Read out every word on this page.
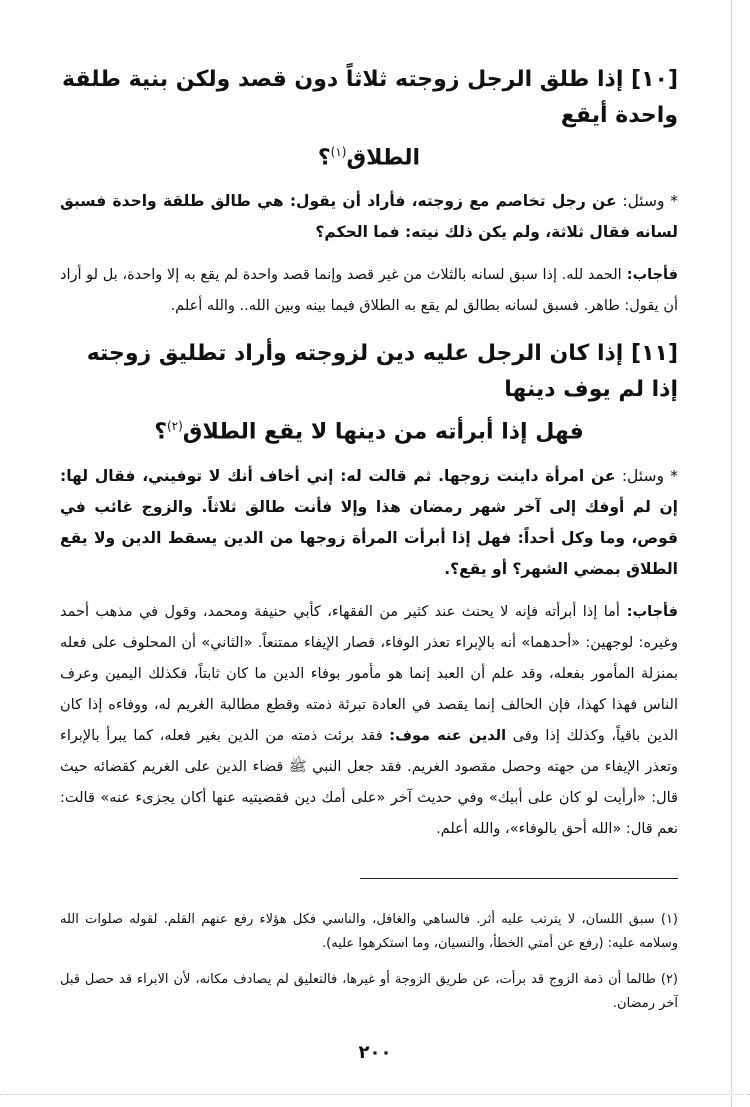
[١٠] إذا طلق الرجل زوجته ثلاثاً دون قصد ولكن بنية طلقة واحدة أيقع
الطلاق$^{(١)}$؟

* وسئل: عن رجل تخاصم مع زوجته، فأراد أن يقول: هي طالق طلقة واحدة فسبق لسانه فقال ثلاثة، ولم يكن ذلك نيته: فما الحكم؟

فأجاب: الحمد لله. إذا سبق لسانه بالثلاث من غير قصد وإنما قصد واحدة لم يقع به إلا واحدة، بل لو أراد أن يقول: طاهر. فسبق لسانه بطالق لم يقع به الطلاق فيما بينه وبين الله.. والله أعلم.

[١١] إذا كان الرجل عليه دين لزوجته وأراد تطليق زوجته إذا لم يوف دينها
فهل إذا أبرأته من دينها لا يقع الطلاق$^{(٢)}$؟

* وسئل: عن امرأة داينت زوجها. ثم قالت له: إني أخاف أنك لا توفيني، فقال لها: إن لم أوفك إلى آخر شهر رمضان هذا وإلا فأنت طالق ثلاثاً. والزوج غائب في قوص، وما وكل أحداً: فهل إذا أبرأت المرأة زوجها من الدين يسقط الدين ولا يقع الطلاق بمضي الشهر؟ أو يقع؟.

فأجاب: أما إذا أبرأته فإنه لا يحنث عند كثير من الفقهاء، كأبي حنيفة ومحمد، وقول في مذهب أحمد وغيره: لوجهين: «أحدهما» أنه بالإبراء تعذر الوفاء، فصار الإيفاء ممتنعاً. «الثاني» أن المحلوف على فعله بمنزلة المأمور بفعله، وقد علم أن العبد إنما هو مأمور بوفاء الدين ما كان ثابتاً، فكذلك اليمين وعرف الناس فهذا كهذا، فإن الحالف إنما يقصد في العادة تبرئة ذمته وقطع مطالبة الغريم له، ووفاءه إذا كان الدين باقياً، وكذلك إذا وفى الدين عنه موف: فقد برئت ذمته من الدين بغير فعله، كما يبرأ بالإبراء وتعذر الإيفاء من جهته وحصل مقصود الغريم. فقد جعل النبي ﷺ قضاء الدين على الغريم كقضائه حيث قال: «أرأيت لو كان على أبيك» وفي حديث آخر «على أمك دين فقضيتيه عنها أكان يجزىء عنه» قالت: نعم قال: «الله أحق بالوفاء»، والله أعلم.

(١) سبق اللسان، لا يترتب عليه أثر. فالساهي والغافل، والناسي فكل هؤلاء رفع عنهم القلم. لقوله صلوات الله وسلامه عليه: (رفع عن أمتي الخطأ، والنسيان، وما استكرهوا عليه).

(٢) طالما أن ذمة الزوج قد برأت، عن طريق الزوجة أو غيرها، فالتعليق لم يصادف مكانه، لأن الابراء قد حصل قبل آخر رمضان.

٢٠٠
